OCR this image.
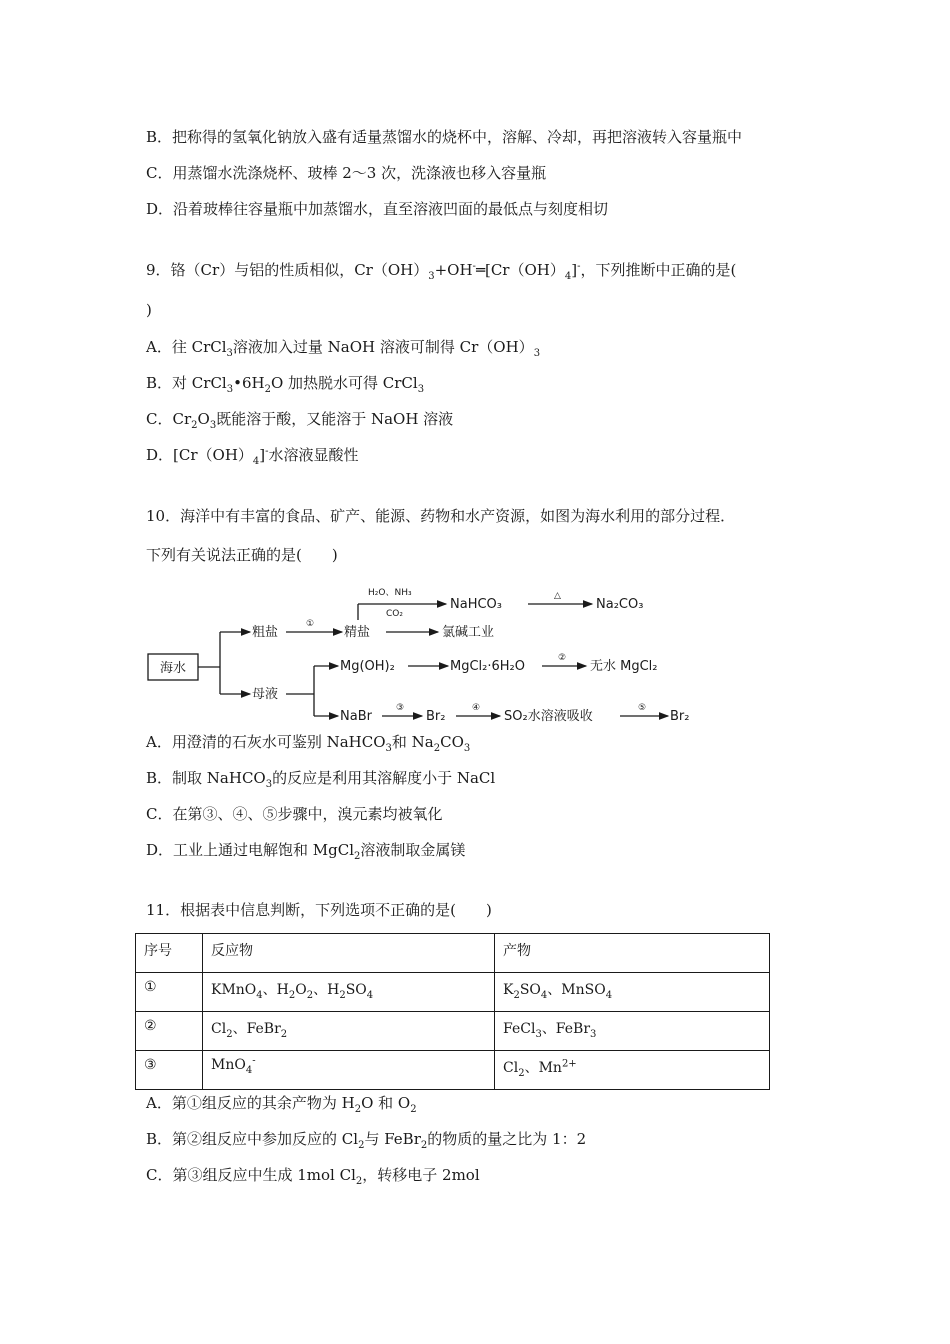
B．把称得的氢氧化钠放入盛有适量蒸馏水的烧杯中，溶解、冷却，再把溶液转入容量瓶中
C．用蒸馏水洗涤烧杯、玻棒 2～3 次，洗涤液也移入容量瓶
D．沿着玻棒往容量瓶中加蒸馏水，直至溶液凹面的最低点与刻度相切
9．铬（Cr）与铝的性质相似，$Cr(OH)_3+OH^-═[Cr(OH)_4]^-$，下列推断中正确的是(
)
A．往 CrCl$_3$溶液加入过量 NaOH 溶液可制得 $Cr(OH)_3$
B．对 $CrCl_3•6H_2O$ 加热脱水可得 CrCl$_3$
C．$Cr_2O_3$既能溶于酸，又能溶于 NaOH 溶液
D．$[Cr(OH)_4]^-$水溶液显酸性
10．海洋中有丰富的食品、矿产、能源、药物和水产资源，如图为海水利用的部分过程．
下列有关说法正确的是(　　)
海水
粗盐
母液
①
精盐
H₂O、NH₃
CO₂
NaHCO₃
△
Na₂CO₃
氯碱工业
Mg(OH)₂	MgCl₂·6H₂O
②
无水 MgCl₂
NaBr
③
Br₂
④
SO₂水溶液吸收
⑤
Br₂
A．用澄清的石灰水可鉴别 NaHCO$_3$和 $Na_2CO_3$
B．制取 NaHCO$_3$的反应是利用其溶解度小于 NaCl
C．在第③、④、⑤步骤中，溴元素均被氧化
D．工业上通过电解饱和 MgCl$_2$溶液制取金属镁
11．根据表中信息判断，下列选项不正确的是(　　)
序号	反应物	产物
①	KMnO$_4$、$H_2O_2$、$H_2SO_4$	$K_2SO_4$、MnSO$_4$
②	$Cl_2$、FeBr$_2$	FeCl$_3$、FeBr$_3$
③	MnO$_4$-	$Cl_2$、$Mn^{2+}$
A．第①组反应的其余产物为 $H_2O$ 和 $O_2$
B．第②组反应中参加反应的 $Cl_2$与 FeBr$_2$的物质的量之比为 1：2
C．第③组反应中生成 1mol $Cl_2$，转移电子 2mol
